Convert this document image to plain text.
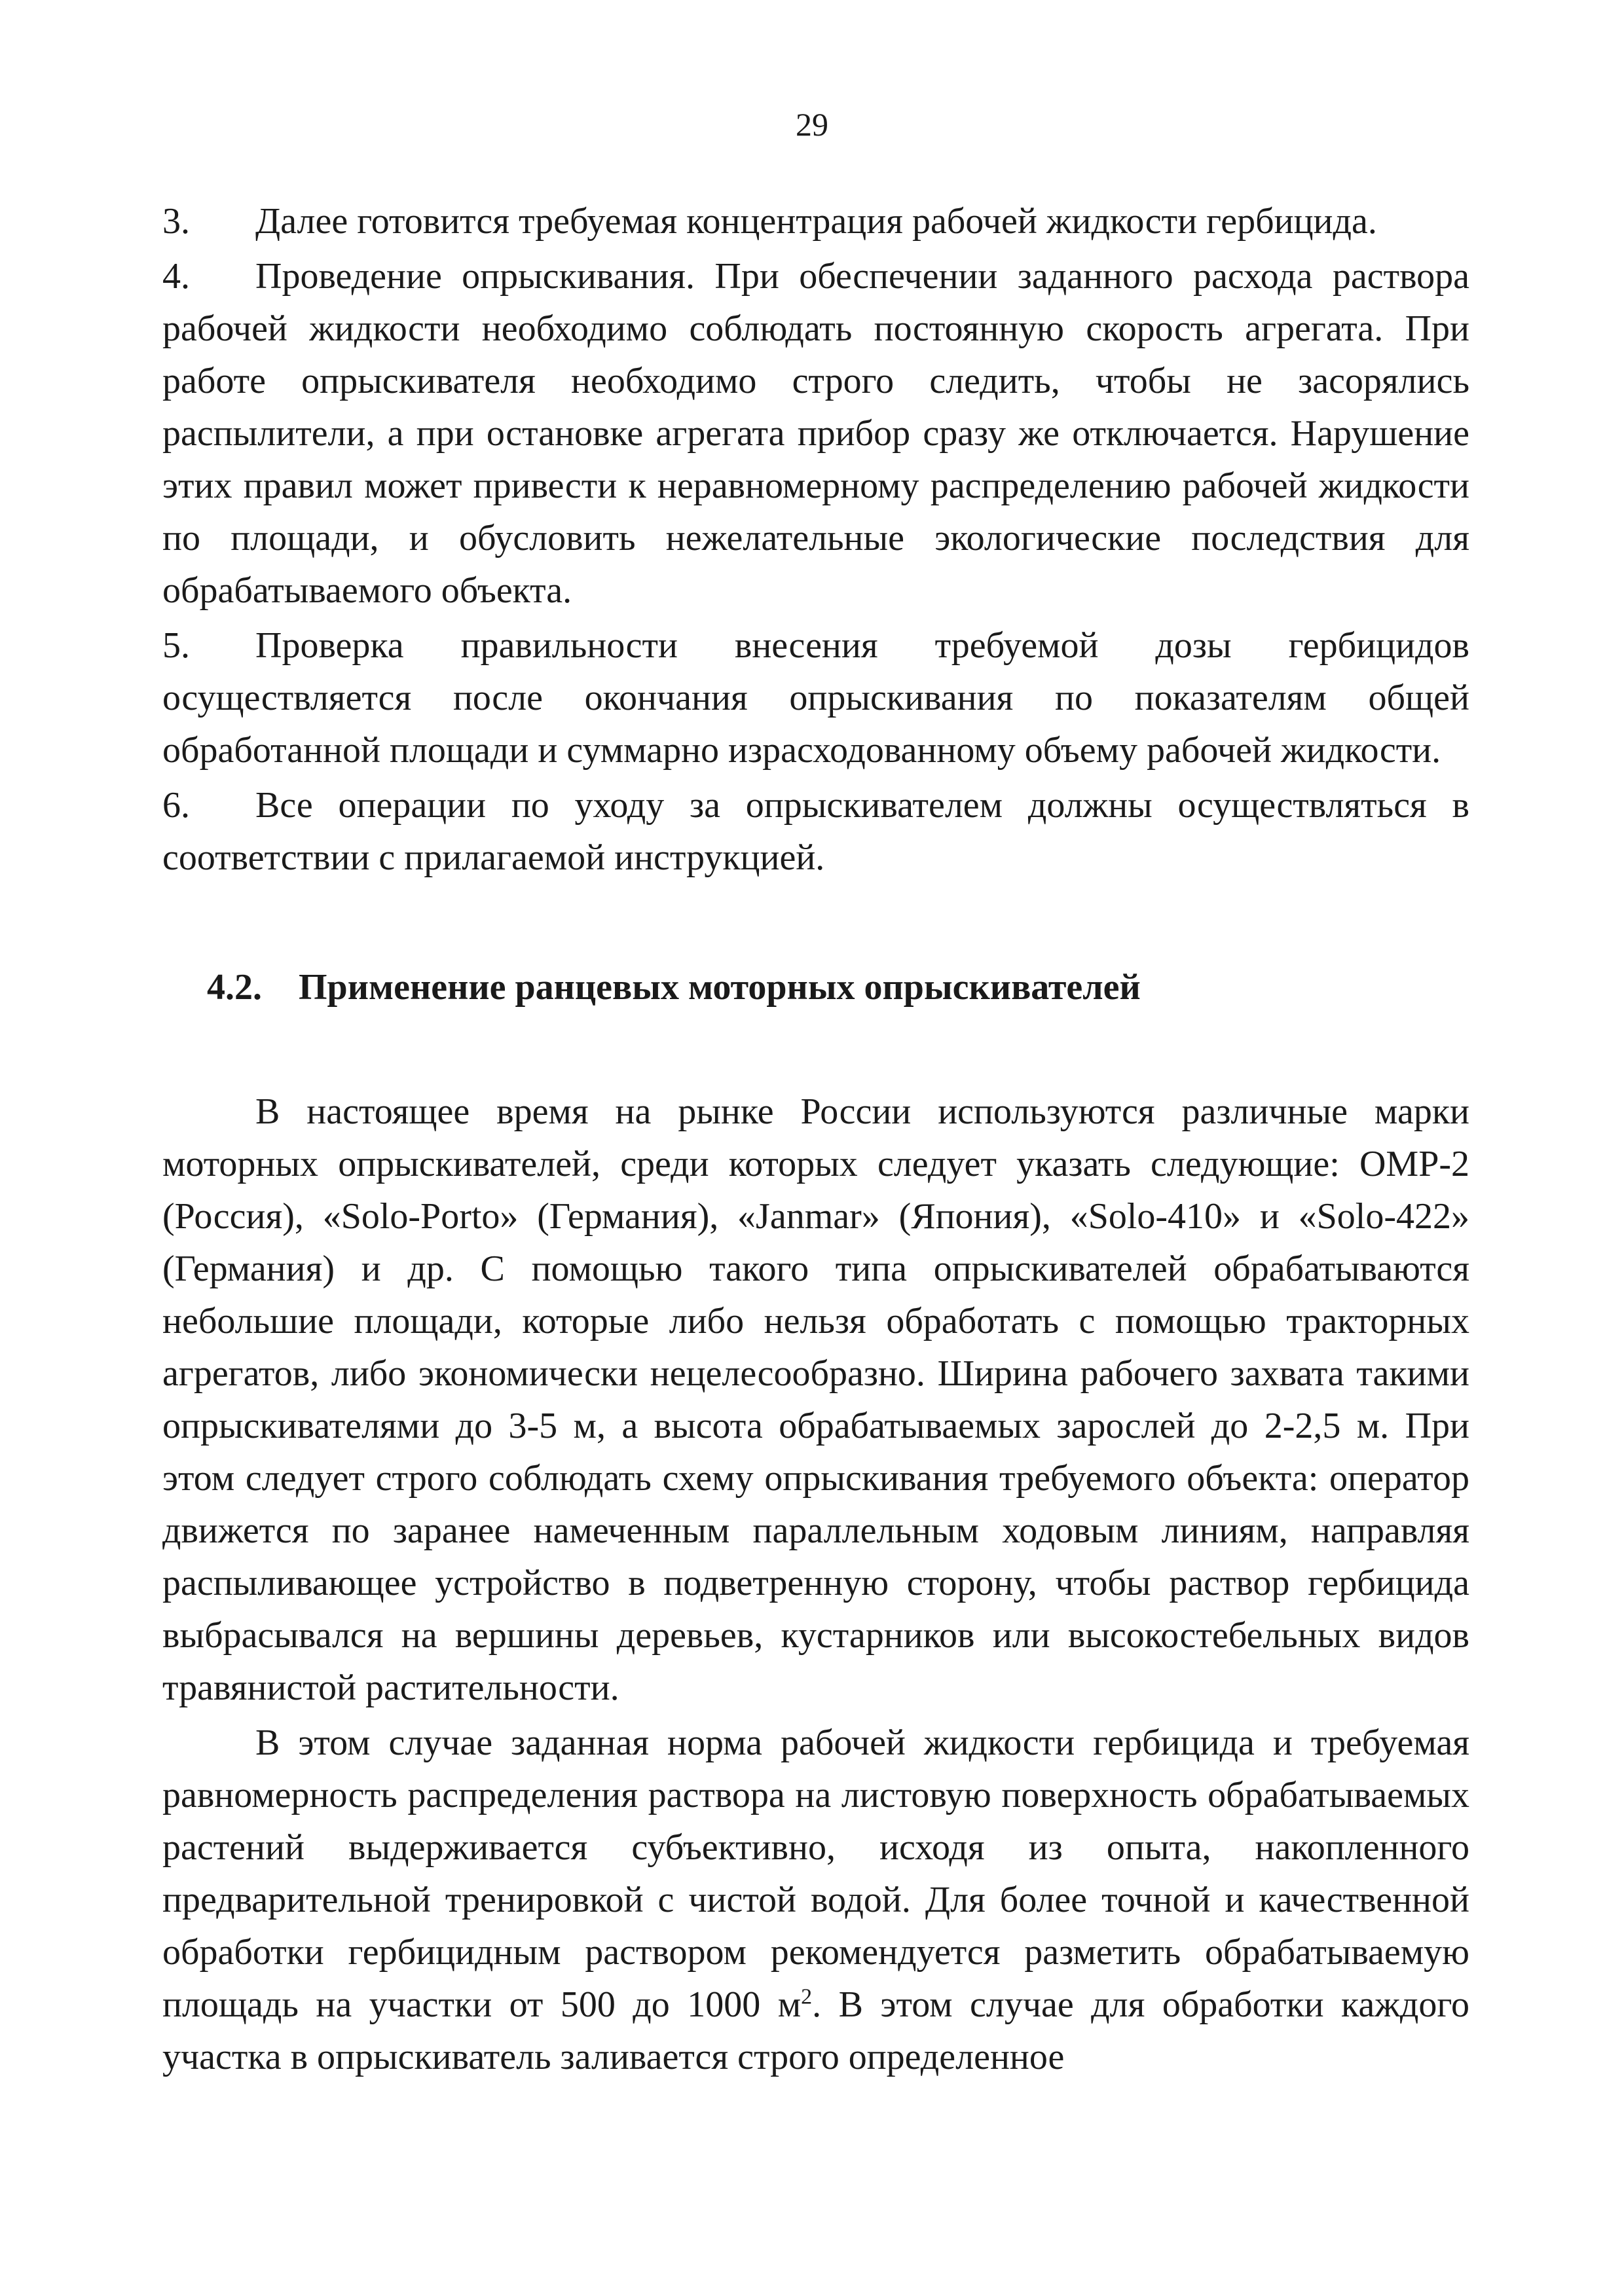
29

3. Далее готовится требуемая концентрация рабочей жидкости гербицида.

4. Проведение опрыскивания. При обеспечении заданного расхода раствора рабочей жидкости необходимо соблюдать постоянную скорость агрегата. При работе опрыскивателя необходимо строго следить, чтобы не засорялись распылители, а при остановке агрегата прибор сразу же отключается. Нарушение этих правил может привести к неравномерному распределению рабочей жидкости по площади, и обусловить нежелательные экологические последствия для обрабатываемого объекта.

5. Проверка правильности внесения требуемой дозы гербицидов осуществляется после окончания опрыскивания по показателям общей обработанной площади и суммарно израсходованному объему рабочей жидкости.

6. Все операции по уходу за опрыскивателем должны осуществляться в соответствии с прилагаемой инструкцией.

4.2. Применение ранцевых моторных опрыскивателей

В настоящее время на рынке России используются различные марки моторных опрыскивателей, среди которых следует указать следующие: ОМР-2 (Россия), «Solo-Porto» (Германия), «Janmar» (Япония), «Solo-410» и «Solo-422» (Германия) и др. С помощью такого типа опрыскивателей обрабатываются небольшие площади, которые либо нельзя обработать с помощью тракторных агрегатов, либо экономически нецелесообразно. Ширина рабочего захвата такими опрыскивателями до 3-5 м, а высота обрабатываемых зарослей до 2-2,5 м. При этом следует строго соблюдать схему опрыскивания требуемого объекта: оператор движется по заранее намеченным параллельным ходовым линиям, направляя распыливающее устройство в подветренную сторону, чтобы раствор гербицида выбрасывался на вершины деревьев, кустарников или высокостебельных видов травянистой растительности.

В этом случае заданная норма рабочей жидкости гербицида и требуемая равномерность распределения раствора на листовую поверхность обрабатываемых растений выдерживается субъективно, исходя из опыта, накопленного предварительной тренировкой с чистой водой. Для более точной и качественной обработки гербицидным раствором рекомендуется разметить обрабатываемую площадь на участки от 500 до 1000 $м^2$. В этом случае для обработки каждого участка в опрыскиватель заливается строго определенное
